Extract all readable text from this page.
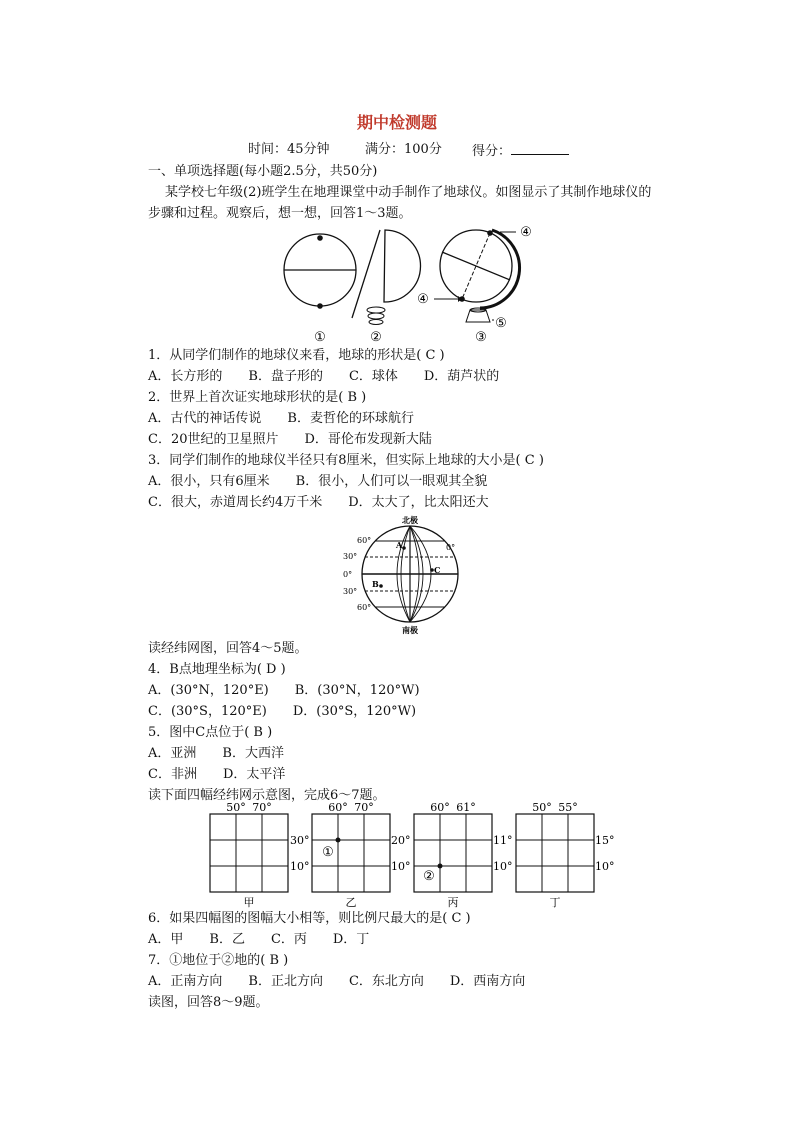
期中检测题
时间：45分钟	满分：100分 得分：
一、单项选择题(每小题2.5分，共50分)
某学校七年级(2)班学生在地理课堂中动手制作了地球仪。如图显示了其制作地球仪的
步骤和过程。观察后，想一想，回答1～3题。
①	②	③
④
④
⑤
1．从同学们制作的地球仪来看，地球的形状是( C )
A．长方形的　　B．盘子形的　　C．球体　　D．葫芦状的
2．世界上首次证实地球形状的是( B )
A．古代的神话传说　　B．麦哲伦的环球航行
C．20世纪的卫星照片　　D．哥伦布发现新大陆
3．同学们制作的地球仪半径只有8厘米，但实际上地球的大小是( C )
A．很小，只有6厘米　　B．很小，人们可以一眼观其全貌
C．很大，赤道周长约4万千米　　D．太大了，比太阳还大
北极
南极
60°
30°
0°
30°
60°
0°
A
B
C
读经纬网图，回答4～5题。
4．B点地理坐标为( D )
A．(30°N，120°E)　　B．(30°N，120°W)
C．(30°S，120°E)　　D．(30°S，120°W)
5．图中C点位于( B )
A．亚洲　　B．大西洋
C．非洲　　D．太平洋
读下面四幅经纬网示意图，完成6～7题。
50° 70°
30°
10°
甲
①
60° 70°
20°
10°
乙
②
60° 61°
11°
10°
丙
50° 55°
15°
10°
丁
6．如果四幅图的图幅大小相等，则比例尺最大的是( C )
A．甲　　B．乙　　C．丙　　D．丁
7．①地位于②地的( B )
A．正南方向　　B．正北方向　　C．东北方向　　D．西南方向
读图，回答8～9题。
